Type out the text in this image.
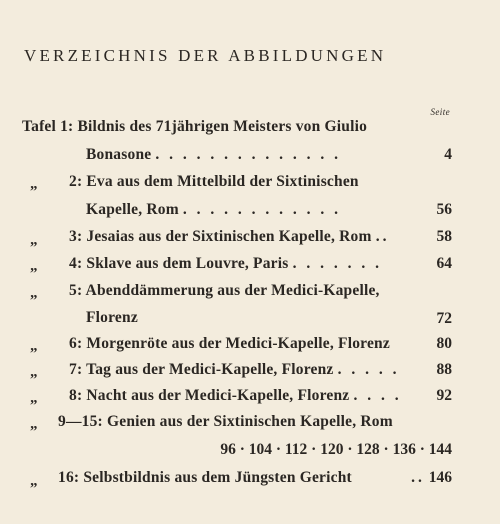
VERZEICHNIS DER ABBILDUNGEN
Seite
Tafel 1: Bildnis des 71jährigen Meisters von Giulio
Bonasone . . . . . . . . . . . . . .	4
„ 2: Eva aus dem Mittelbild der Sixtinischen
Kapelle, Rom . . . . . . . . . . . .	56
„ 3: Jesaias aus der Sixtinischen Kapelle, Rom ..	58
„ 4: Sklave aus dem Louvre, Paris . . . . . . .	64
„ 5: Abenddämmerung aus der Medici-Kapelle,
Florenz	72
„ 6: Morgenröte aus der Medici-Kapelle, Florenz	80
„ 7: Tag aus der Medici-Kapelle, Florenz . . . . . 88
„ 8: Nacht aus der Medici-Kapelle, Florenz . . . . 92
„ 9—15: Genien aus der Sixtinischen Kapelle, Rom
96 · 104 · 112 · 120 · 128 · 136 · 144
„ 16: Selbstbildnis aus dem Jüngsten Gericht	.. 146
